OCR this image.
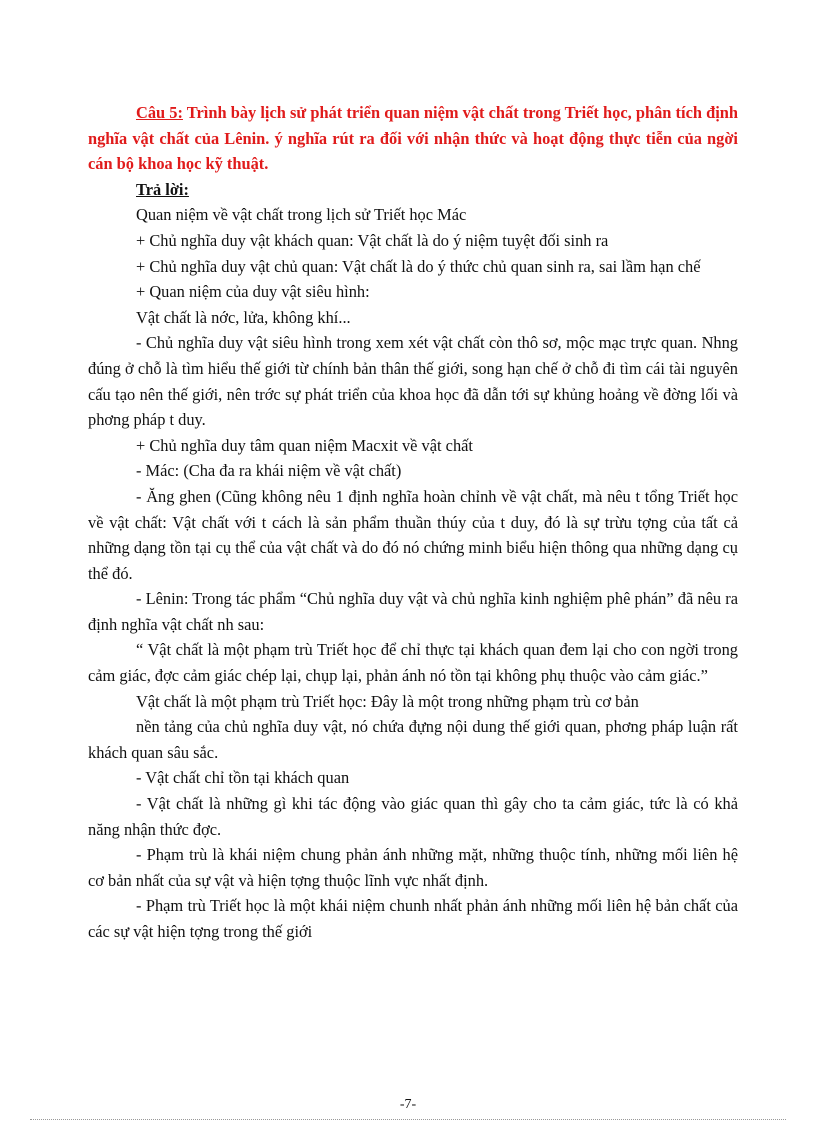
Câu 5: Trình bày lịch sử phát triển quan niệm vật chất trong Triết học, phân tích định nghĩa vật chất của Lênin. ý nghĩa rút ra đối với nhận thức và hoạt động thực tiễn của ngời cán bộ khoa học kỹ thuật.

Trả lời:

Quan niệm về vật chất trong lịch sử Triết học Mác

+ Chủ nghĩa duy vật khách quan: Vật chất là do ý niệm tuyệt đối sinh ra

+ Chủ nghĩa duy vật chủ quan: Vật chất là do ý thức chủ quan sinh ra, sai lầm hạn chế

+ Quan niệm của duy vật siêu hình:

Vật chất là nớc, lửa, không khí...

- Chủ nghĩa duy vật siêu hình trong xem xét vật chất còn thô sơ, mộc mạc trực quan. Nhng đúng ở chỗ là tìm hiểu thế giới từ chính bản thân thế giới, song hạn chế ở chỗ đi tìm cái tài nguyên cấu tạo nên thế giới, nên trớc sự phát triển của khoa học đã dẫn tới sự khủng hoảng về đờng lối và phơng pháp t duy.

+ Chủ nghĩa duy tâm quan niệm Macxit về vật chất

- Mác: (Cha đa ra khái niệm về vật chất)

- Ăng ghen (Cũng không nêu 1 định nghĩa hoàn chỉnh về vật chất, mà nêu t tổng Triết học về vật chất: Vật chất với t cách là sản phẩm thuần thúy của t duy, đó là sự trừu tợng của tất cả những dạng tồn tại cụ thể của vật chất và do đó nó chứng minh biểu hiện thông qua những dạng cụ thể đó.

- Lênin: Trong tác phẩm “Chủ nghĩa duy vật và chủ nghĩa kinh nghiệm phê phán” đã nêu ra định nghĩa vật chất nh sau:

“ Vật chất là một phạm trù Triết học để chỉ thực tại khách quan đem lại cho con ngời trong cảm giác, đợc cảm giác chép lại, chụp lại, phản ánh nó tồn tại không phụ thuộc vào cảm giác.”

Vật chất là một phạm trù Triết học: Đây là một trong những phạm trù cơ bản

nền tảng của chủ nghĩa duy vật, nó chứa đựng nội dung thế giới quan, phơng pháp luận rất khách quan sâu sắc.

- Vật chất chỉ tồn tại khách quan

- Vật chất là những gì khi tác động vào giác quan thì gây cho ta cảm giác, tức là có khả năng nhận thức đợc.

- Phạm trù là khái niệm chung phản ánh những mặt, những thuộc tính, những mối liên hệ cơ bản nhất của sự vật và hiện tợng thuộc lĩnh vực nhất định.

- Phạm trù Triết học là một khái niệm chunh nhất phản ánh những mối liên hệ bản chất của các sự vật hiện tợng trong thế giới

-7-
